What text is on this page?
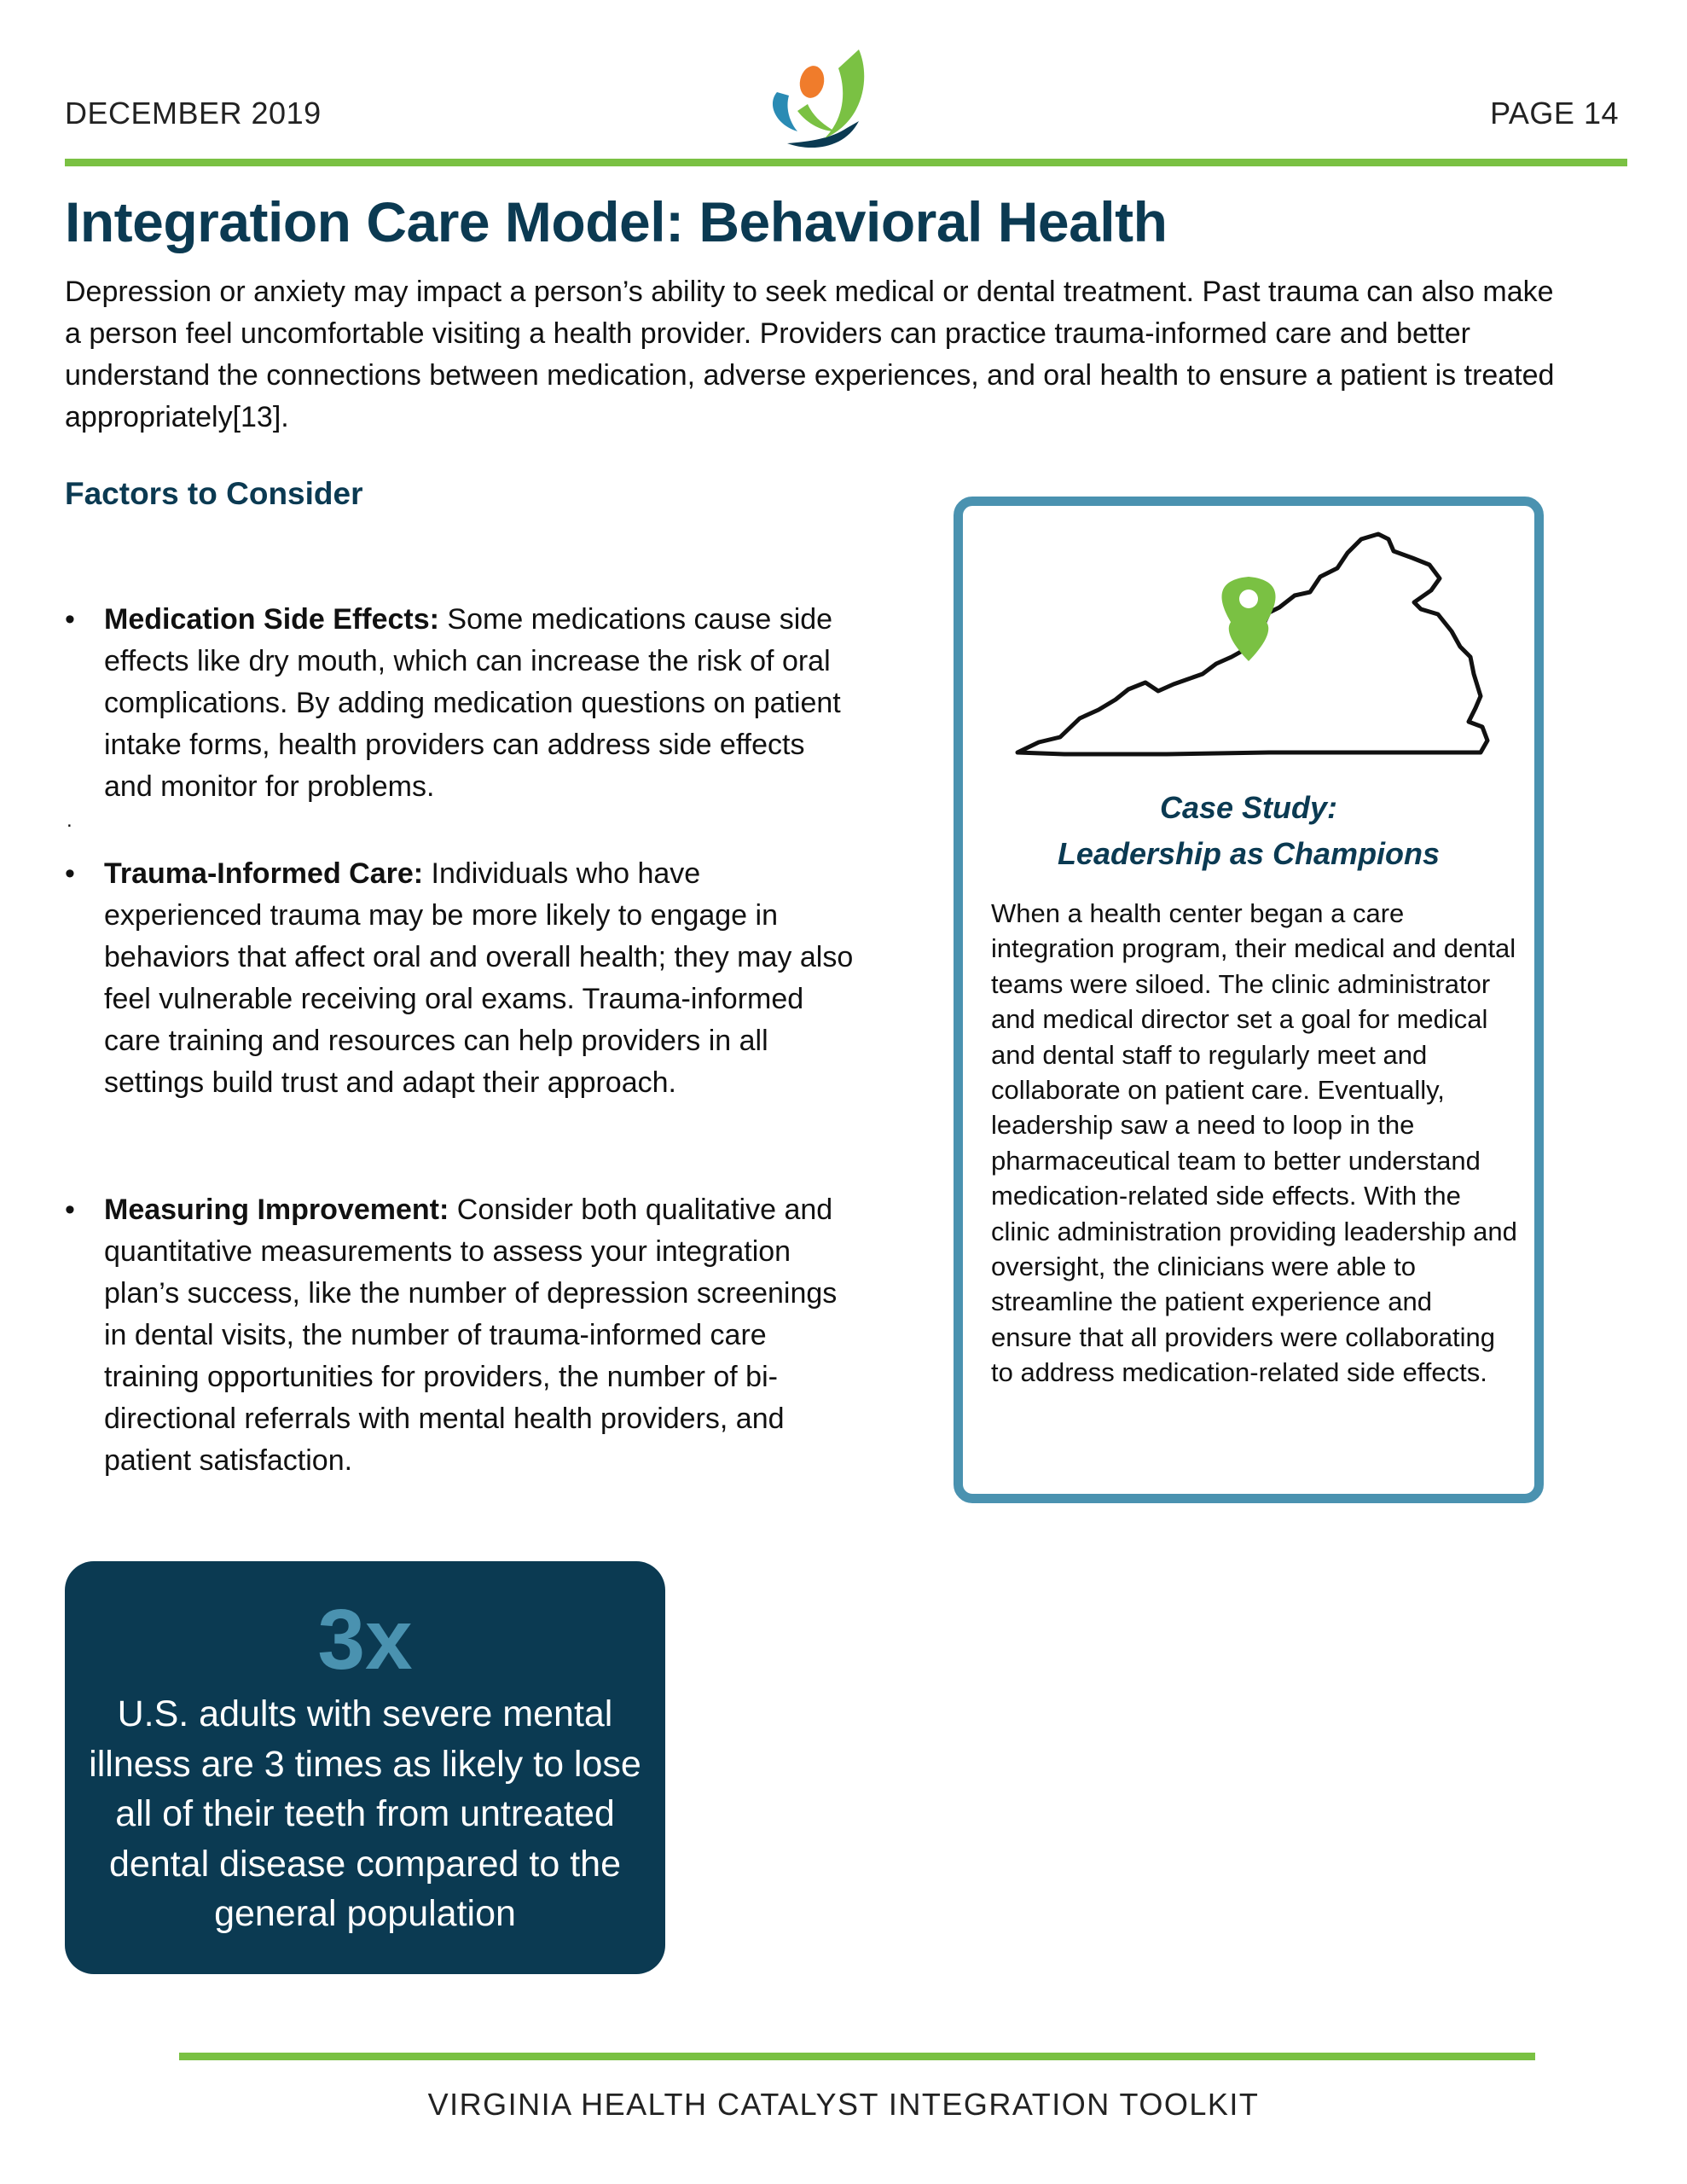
DECEMBER 2019	PAGE 14
Integration Care Model: Behavioral Health

Depression or anxiety may impact a person’s ability to seek medical or dental treatment. Past trauma can also make a person feel uncomfortable visiting a health provider. Providers can practice trauma-informed care and better understand the connections between medication, adverse experiences, and oral health to ensure a patient is treated appropriately[13].

Factors to Consider
•	Medication Side Effects: Some medications cause side effects like dry mouth, which can increase the risk of oral complications. By adding medication questions on patient intake forms, health providers can address side effects and monitor for problems.
.
•	Trauma-Informed Care: Individuals who have experienced trauma may be more likely to engage in behaviors that affect oral and overall health; they may also feel vulnerable receiving oral exams. Trauma-informed care training and resources can help providers in all settings build trust and adapt their approach.
•	Measuring Improvement: Consider both qualitative and quantitative measurements to assess your integration plan’s success, like the number of depression screenings in dental visits, the number of trauma-informed care training opportunities for providers, the number of bi-directional referrals with mental health providers, and patient satisfaction.
Case Study:
Leadership as Champions

When a health center began a care integration program, their medical and dental teams were siloed. The clinic administrator and medical director set a goal for medical and dental staff to regularly meet and collaborate on patient care. Eventually, leadership saw a need to loop in the pharmaceutical team to better understand medication-related side effects. With the clinic administration providing leadership and oversight, the clinicians were able to streamline the patient experience and ensure that all providers were collaborating to address medication-related side effects.

3x

U.S. adults with severe mental illness are 3 times as likely to lose all of their teeth from untreated dental disease compared to the general population

VIRGINIA HEALTH CATALYST INTEGRATION TOOLKIT
